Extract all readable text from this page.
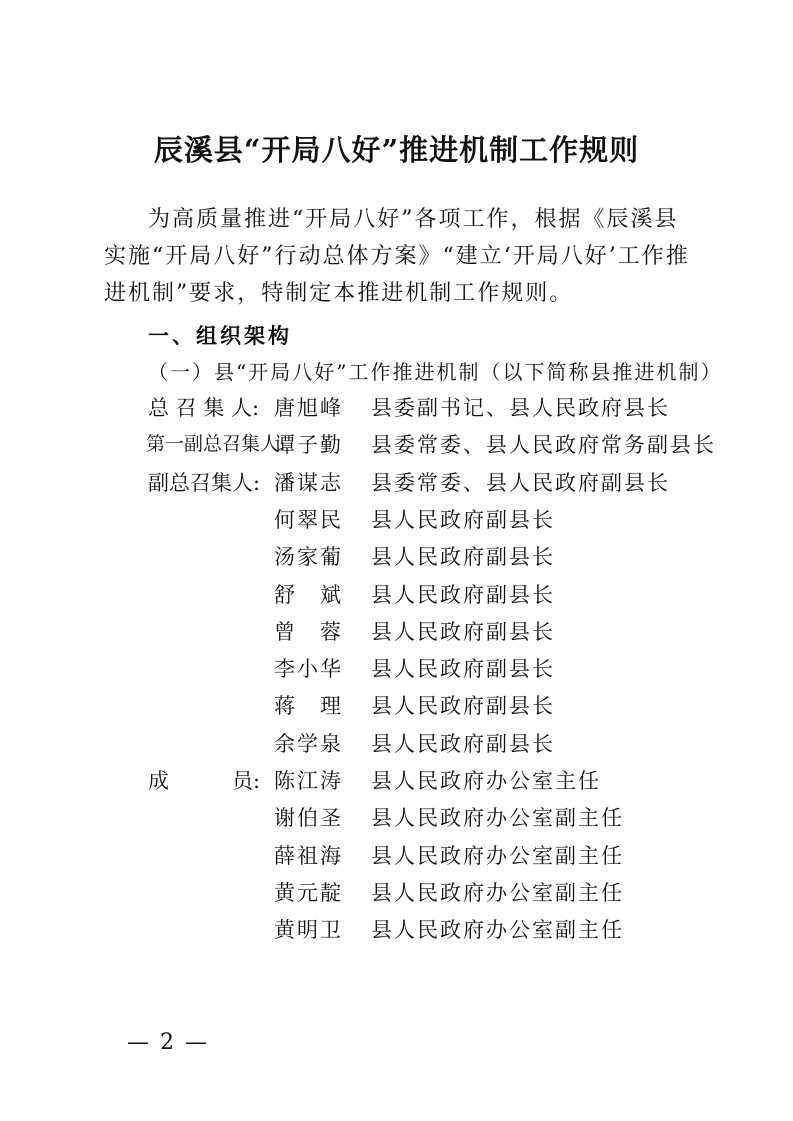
辰溪县“开局八好”推进机制工作规则
为高质量推进“开局八好”各项工作，根据《辰溪县实施“开局八好”行动总体方案》“建立‘开局八好’工作推进机制”要求，特制定本推进机制工作规则。
一、组织架构
（一）县“开局八好”工作推进机制（以下简称县推进机制）
总 召 集 人: 唐旭峰 县委副书记、县人民政府县长
第一副总召集人:
谭子勤 县委常委、县人民政府常务副县长
副总召集人: 潘谋志 县委常委、县人民政府副县长
何翠民 县人民政府副县长
汤家葡 县人民政府副县长
舒　斌 县人民政府副县长
曾　蓉 县人民政府副县长
李小华 县人民政府副县长
蒋　理 县人民政府副县长
余学泉 县人民政府副县长
成　　　员: 陈江涛 县人民政府办公室主任
谢伯圣 县人民政府办公室副主任
薛祖海 县人民政府办公室副主任
黄元靛 县人民政府办公室副主任
黄明卫 县人民政府办公室副主任
— 2 —
